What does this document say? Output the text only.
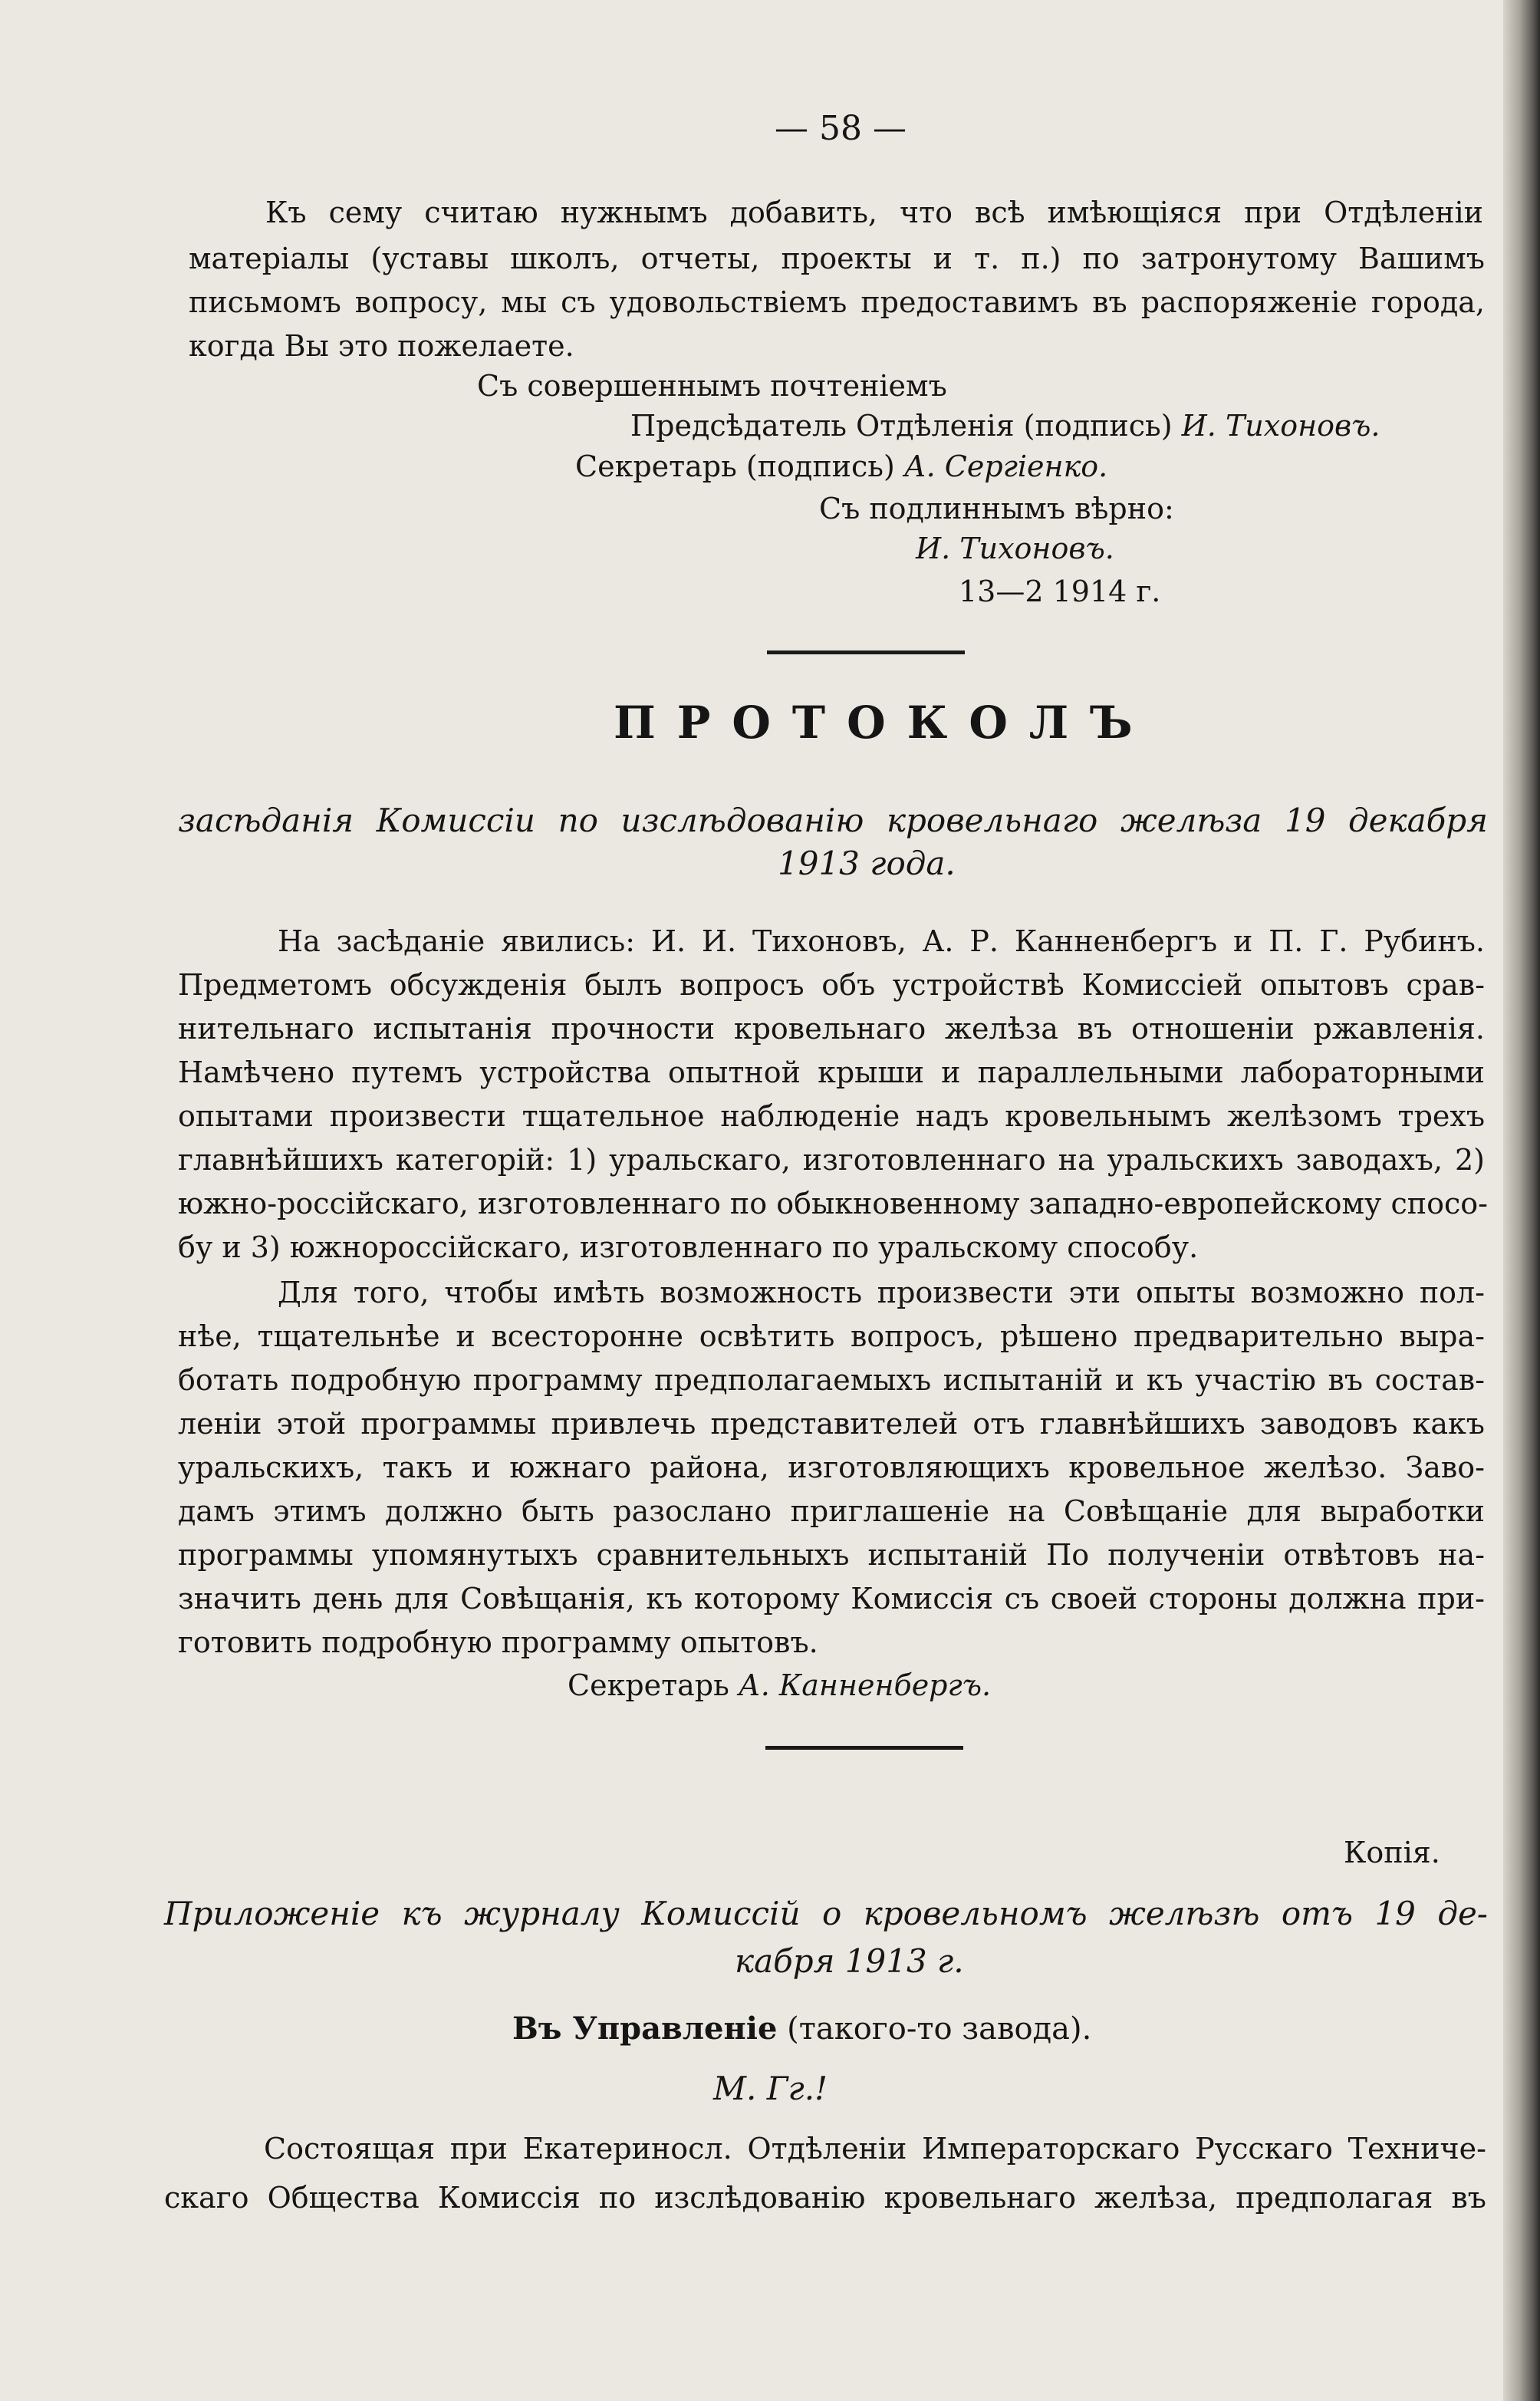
— 58 —
Къ сему считаю нужнымъ добавить, что всѣ имѣющіяся при Отдѣленіи
матеріалы (уставы школъ, отчеты, проекты и т. п.) по затронутому Вашимъ
письмомъ вопросу, мы съ удовольствіемъ предоставимъ въ распоряженіе города,
когда Вы это пожелаете.
Съ совершеннымъ почтеніемъ
Предсѣдатель Отдѣленія (подпись) И. Тихоновъ.
Секретарь (подпись) А. Сергіенко.
Съ подлиннымъ вѣрно:
И. Тихоновъ.
13—2 1914 г.
ПРОТОКОЛЪ
засѣданія Комиссіи по изслѣдованію кровельнаго желѣза 19 декабря
1913 года.
На засѣданіе явились: И. И. Тихоновъ, А. Р. Канненбергъ и П. Г. Рубинъ.
Предметомъ обсужденія былъ вопросъ объ устройствѣ Комиссіей опытовъ срав-
нительнаго испытанія прочности кровельнаго желѣза въ отношеніи ржавленія.
Намѣчено путемъ устройства опытной крыши и параллельными лабораторными
опытами произвести тщательное наблюденіе надъ кровельнымъ желѣзомъ трехъ
главнѣйшихъ категорій: 1) уральскаго, изготовленнаго на уральскихъ заводахъ, 2)
южно-россійскаго, изготовленнаго по обыкновенному западно-европейскому спосо-
бу и 3) южнороссійскаго, изготовленнаго по уральскому способу.
Для того, чтобы имѣть возможность произвести эти опыты возможно пол-
нѣе, тщательнѣе и всесторонне освѣтить вопросъ, рѣшено предварительно выра-
ботать подробную программу предполагаемыхъ испытаній и къ участію въ состав-
леніи этой программы привлечь представителей отъ главнѣйшихъ заводовъ какъ
уральскихъ, такъ и южнаго района, изготовляющихъ кровельное желѣзо. Заво-
дамъ этимъ должно быть разослано приглашеніе на Совѣщаніе для выработки
программы упомянутыхъ сравнительныхъ испытаній По полученіи отвѣтовъ на-
значить день для Совѣщанія, къ которому Комиссія съ своей стороны должна при-
готовить подробную программу опытовъ.
Секретарь А. Канненбергъ.
Копія.
Приложеніе къ журналу Комиссій о кровельномъ желѣзѣ отъ 19 де-
кабря 1913 г.
Въ Управленіе (такого-то завода).
М. Гг.!
Состоящая при Екатериносл. Отдѣленіи Императорскаго Русскаго Техниче-
скаго Общества Комиссія по изслѣдованію кровельнаго желѣза, предполагая въ
